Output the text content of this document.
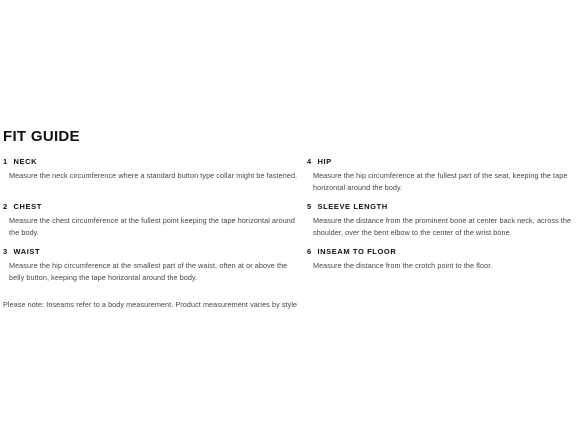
FIT GUIDE
1 NECK
Measure the neck circumference where a standard button type collar might be fastened.
2 CHEST
Measure the chest circumference at the fullest point keeping the tape horizontal around the body.
3 WAIST
Measure the hip circumference at the smallest part of the waist, often at or above the belly button, keeping the tape horizontal around the body.
4 HIP
Measure the hip circumference at the fullest part of the seat, keeping the tape horizontal around the body.
5 SLEEVE LENGTH
Measure the distance from the prominent bone at center back neck, across the shoulder, over the bent elbow to the center of the wrist bone.
6 INSEAM TO FLOOR
Measure the distance from the crotch point to the floor.
Please note: Inseams refer to a body measurement. Product measurement varies by style
